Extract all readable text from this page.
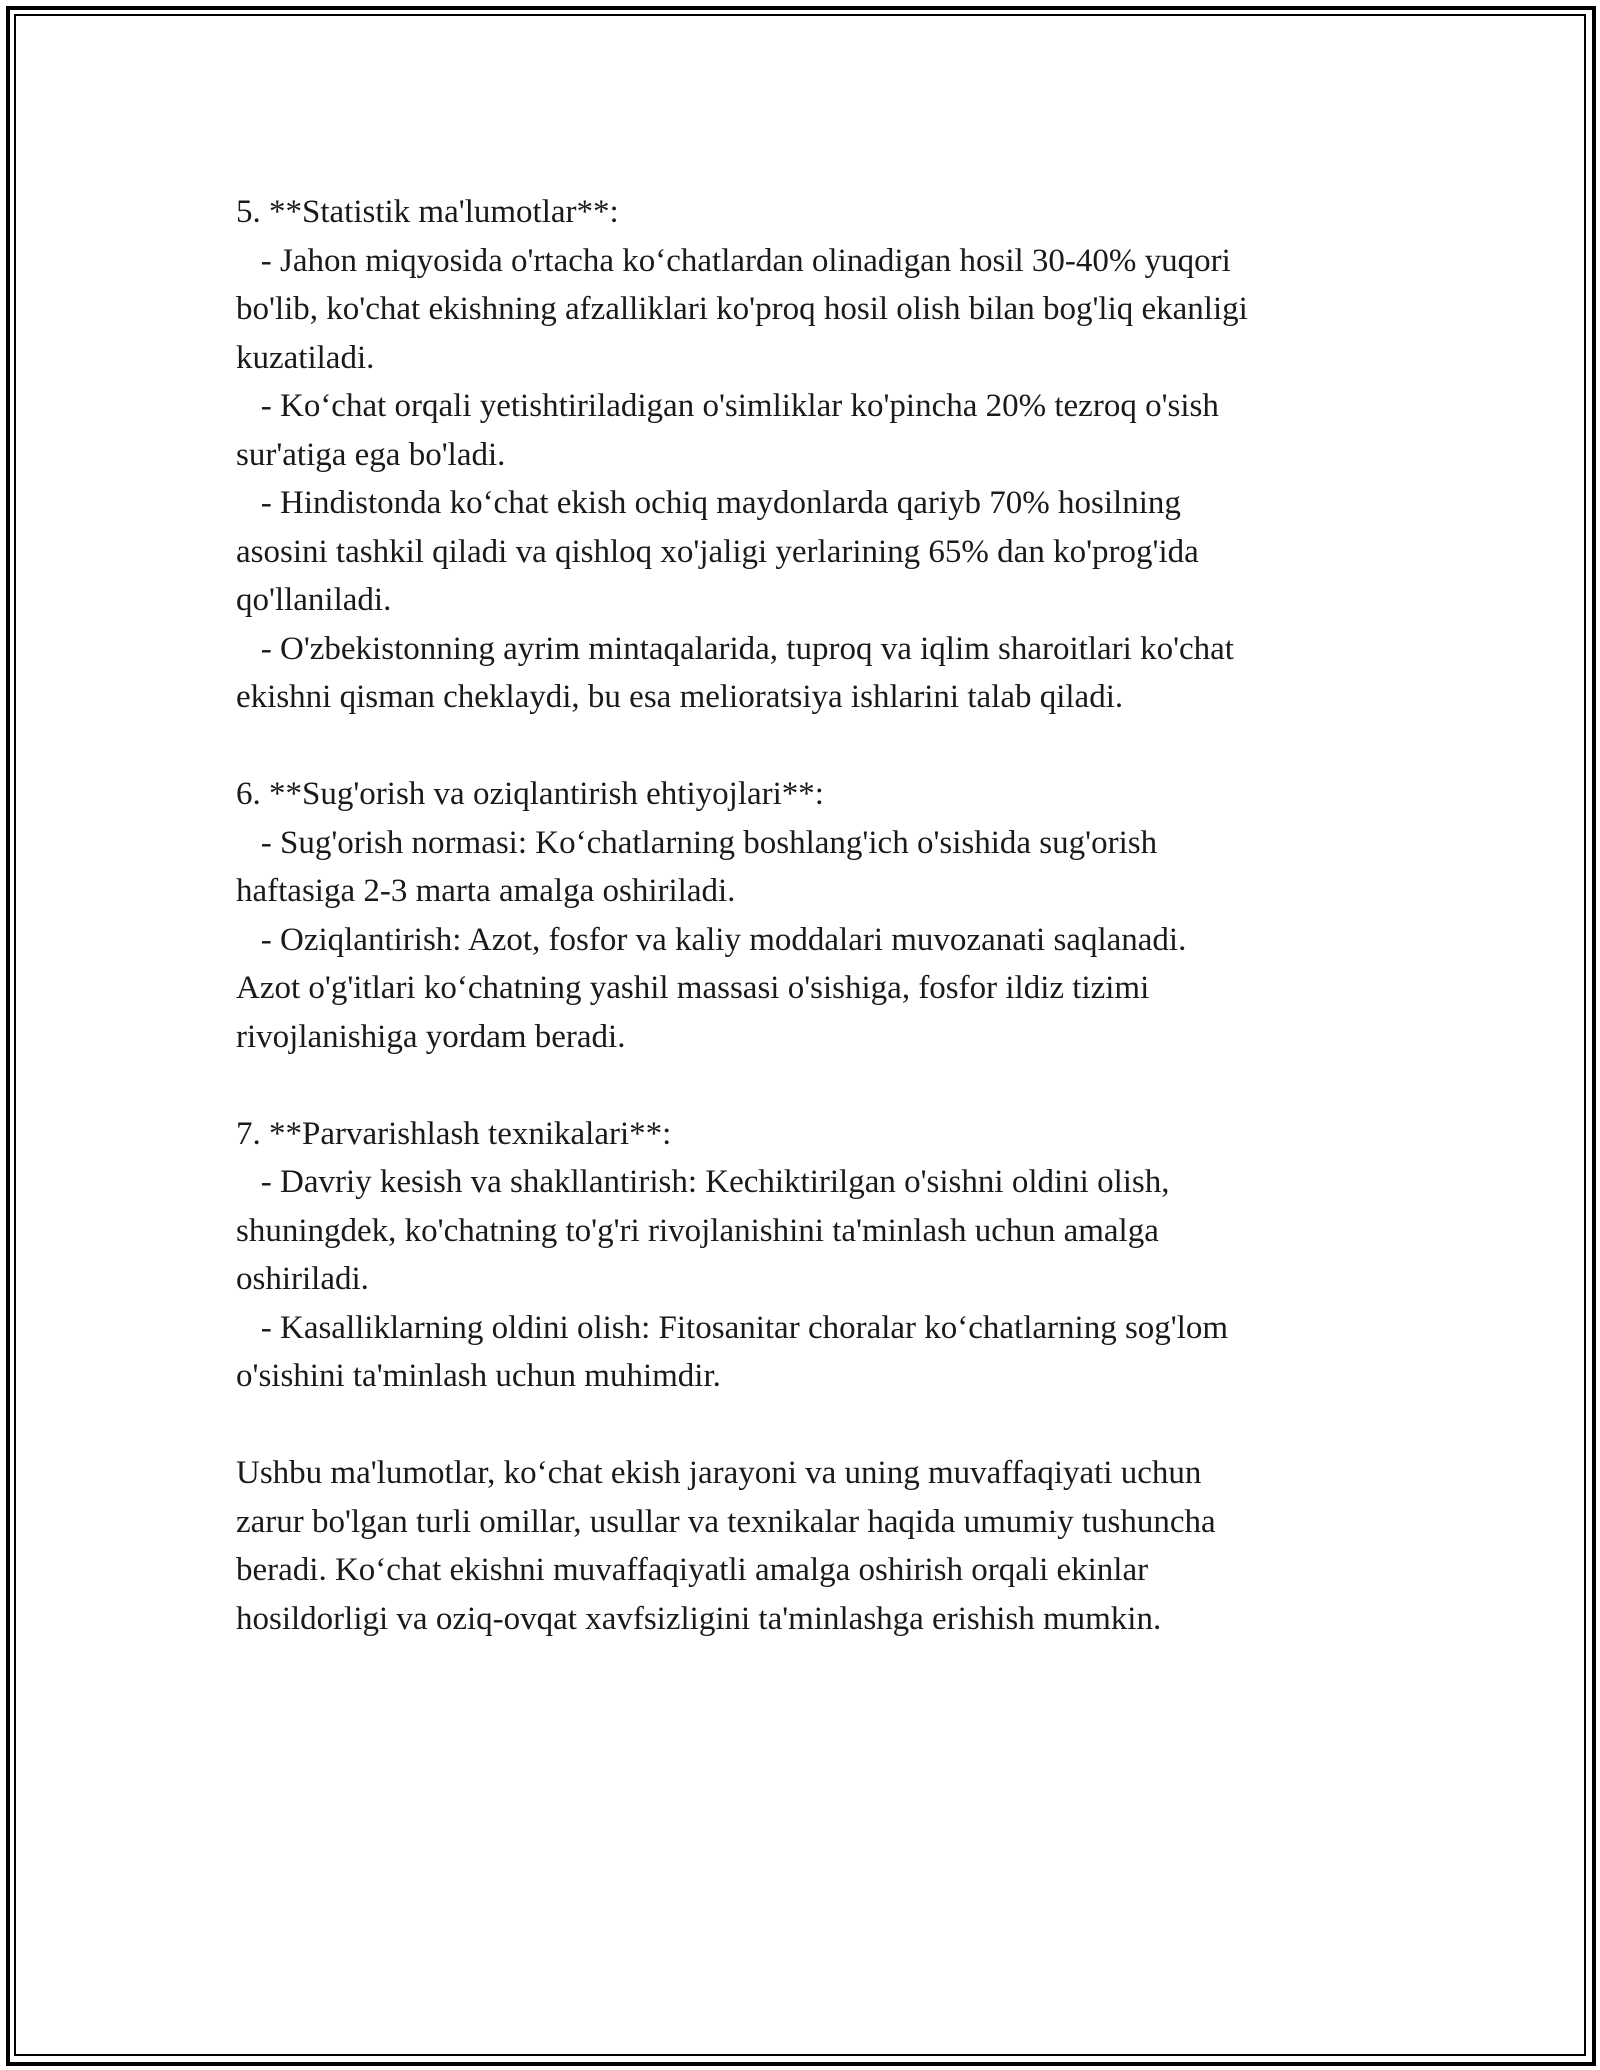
5. **Statistik ma'lumotlar**:
- Jahon miqyosida o'rtacha ko‘chatlardan olinadigan hosil 30-40% yuqori
bo'lib, ko'chat ekishning afzalliklari ko'proq hosil olish bilan bog'liq ekanligi
kuzatiladi.
- Ko‘chat orqali yetishtiriladigan o'simliklar ko'pincha 20% tezroq o'sish
sur'atiga ega bo'ladi.
- Hindistonda ko‘chat ekish ochiq maydonlarda qariyb 70% hosilning
asosini tashkil qiladi va qishloq xo'jaligi yerlarining 65% dan ko'prog'ida
qo'llaniladi.
- O'zbekistonning ayrim mintaqalarida, tuproq va iqlim sharoitlari ko'chat
ekishni qisman cheklaydi, bu esa melioratsiya ishlarini talab qiladi.
6. **Sug'orish va oziqlantirish ehtiyojlari**:
- Sug'orish normasi: Ko‘chatlarning boshlang'ich o'sishida sug'orish
haftasiga 2-3 marta amalga oshiriladi.
- Oziqlantirish: Azot, fosfor va kaliy moddalari muvozanati saqlanadi.
Azot o'g'itlari ko‘chatning yashil massasi o'sishiga, fosfor ildiz tizimi
rivojlanishiga yordam beradi.
7. **Parvarishlash texnikalari**:
- Davriy kesish va shakllantirish: Kechiktirilgan o'sishni oldini olish,
shuningdek, ko'chatning to'g'ri rivojlanishini ta'minlash uchun amalga
oshiriladi.
- Kasalliklarning oldini olish: Fitosanitar choralar ko‘chatlarning sog'lom
o'sishini ta'minlash uchun muhimdir.
Ushbu ma'lumotlar, ko‘chat ekish jarayoni va uning muvaffaqiyati uchun
zarur bo'lgan turli omillar, usullar va texnikalar haqida umumiy tushuncha
beradi. Ko‘chat ekishni muvaffaqiyatli amalga oshirish orqali ekinlar
hosildorligi va oziq-ovqat xavfsizligini ta'minlashga erishish mumkin.
